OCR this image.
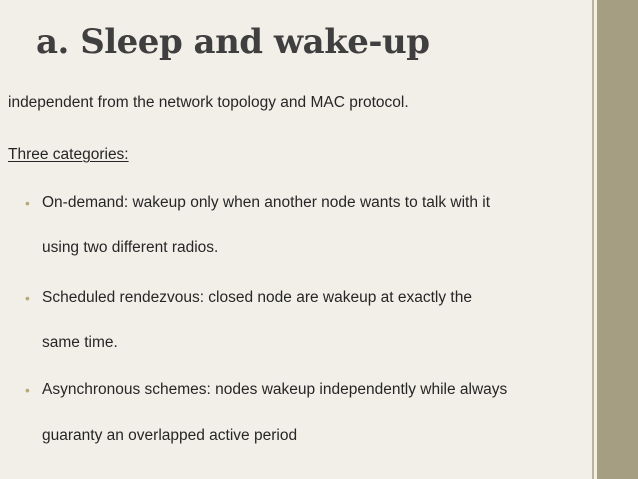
a. Sleep and wake-up
independent from the network topology and MAC protocol.
Three categories:
• On-demand: wakeup only when another node wants to talk with it
using two different radios.
• Scheduled rendezvous: closed node are wakeup at exactly the
same time.
• Asynchronous schemes: nodes wakeup independently while always
guaranty an overlapped active period
